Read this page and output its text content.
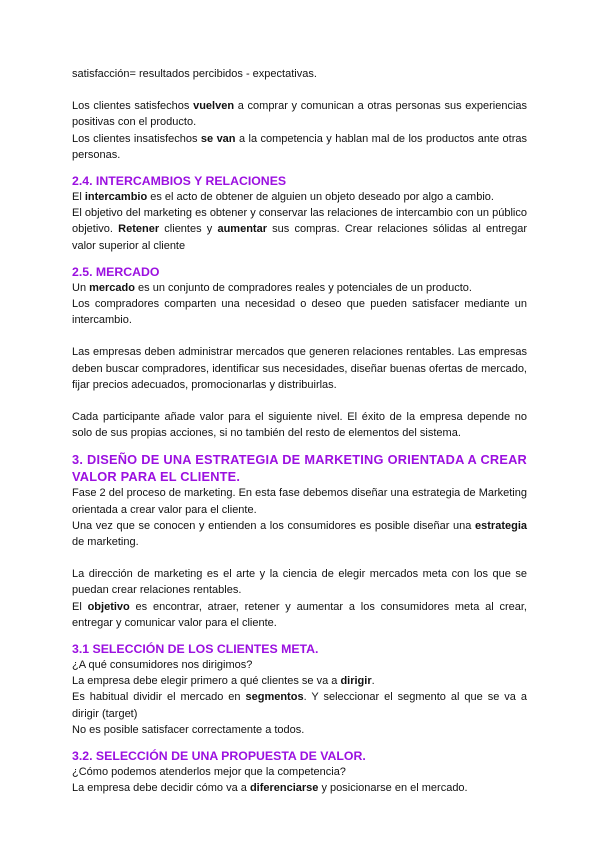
satisfacción= resultados percibidos - expectativas.

Los clientes satisfechos vuelven a comprar y comunican a otras personas sus experiencias positivas con el producto.

Los clientes insatisfechos se van a la competencia y hablan mal de los productos ante otras personas.

2.4. INTERCAMBIOS Y RELACIONES

El intercambio es el acto de obtener de alguien un objeto deseado por algo a cambio.

El objetivo del marketing es obtener y conservar las relaciones de intercambio con un público objetivo. Retener clientes y aumentar sus compras. Crear relaciones sólidas al entregar valor superior al cliente

2.5. MERCADO

Un mercado es un conjunto de compradores reales y potenciales de un producto.

Los compradores comparten una necesidad o deseo que pueden satisfacer mediante un intercambio.

Las empresas deben administrar mercados que generen relaciones rentables. Las empresas deben buscar compradores, identificar sus necesidades, diseñar buenas ofertas de mercado, fijar precios adecuados, promocionarlas y distribuirlas.

Cada participante añade valor para el siguiente nivel. El éxito de la empresa depende no solo de sus propias acciones, si no también del resto de elementos del sistema.

3. DISEÑO DE UNA ESTRATEGIA DE MARKETING ORIENTADA A CREAR VALOR PARA EL CLIENTE.

Fase 2 del proceso de marketing. En esta fase debemos diseñar una estrategia de Marketing orientada a crear valor para el cliente.

Una vez que se conocen y entienden a los consumidores es posible diseñar una estrategia de marketing.

La dirección de marketing es el arte y la ciencia de elegir mercados meta con los que se puedan crear relaciones rentables.

El objetivo es encontrar, atraer, retener y aumentar a los consumidores meta al crear, entregar y comunicar valor para el cliente.

3.1 SELECCIÓN DE LOS CLIENTES META.

¿A qué consumidores nos dirigimos?

La empresa debe elegir primero a qué clientes se va a dirigir.

Es habitual dividir el mercado en segmentos. Y seleccionar el segmento al que se va a dirigir (target)

No es posible satisfacer correctamente a todos.

3.2. SELECCIÓN DE UNA PROPUESTA DE VALOR.

¿Cómo podemos atenderlos mejor que la competencia?

La empresa debe decidir cómo va a diferenciarse y posicionarse en el mercado.
